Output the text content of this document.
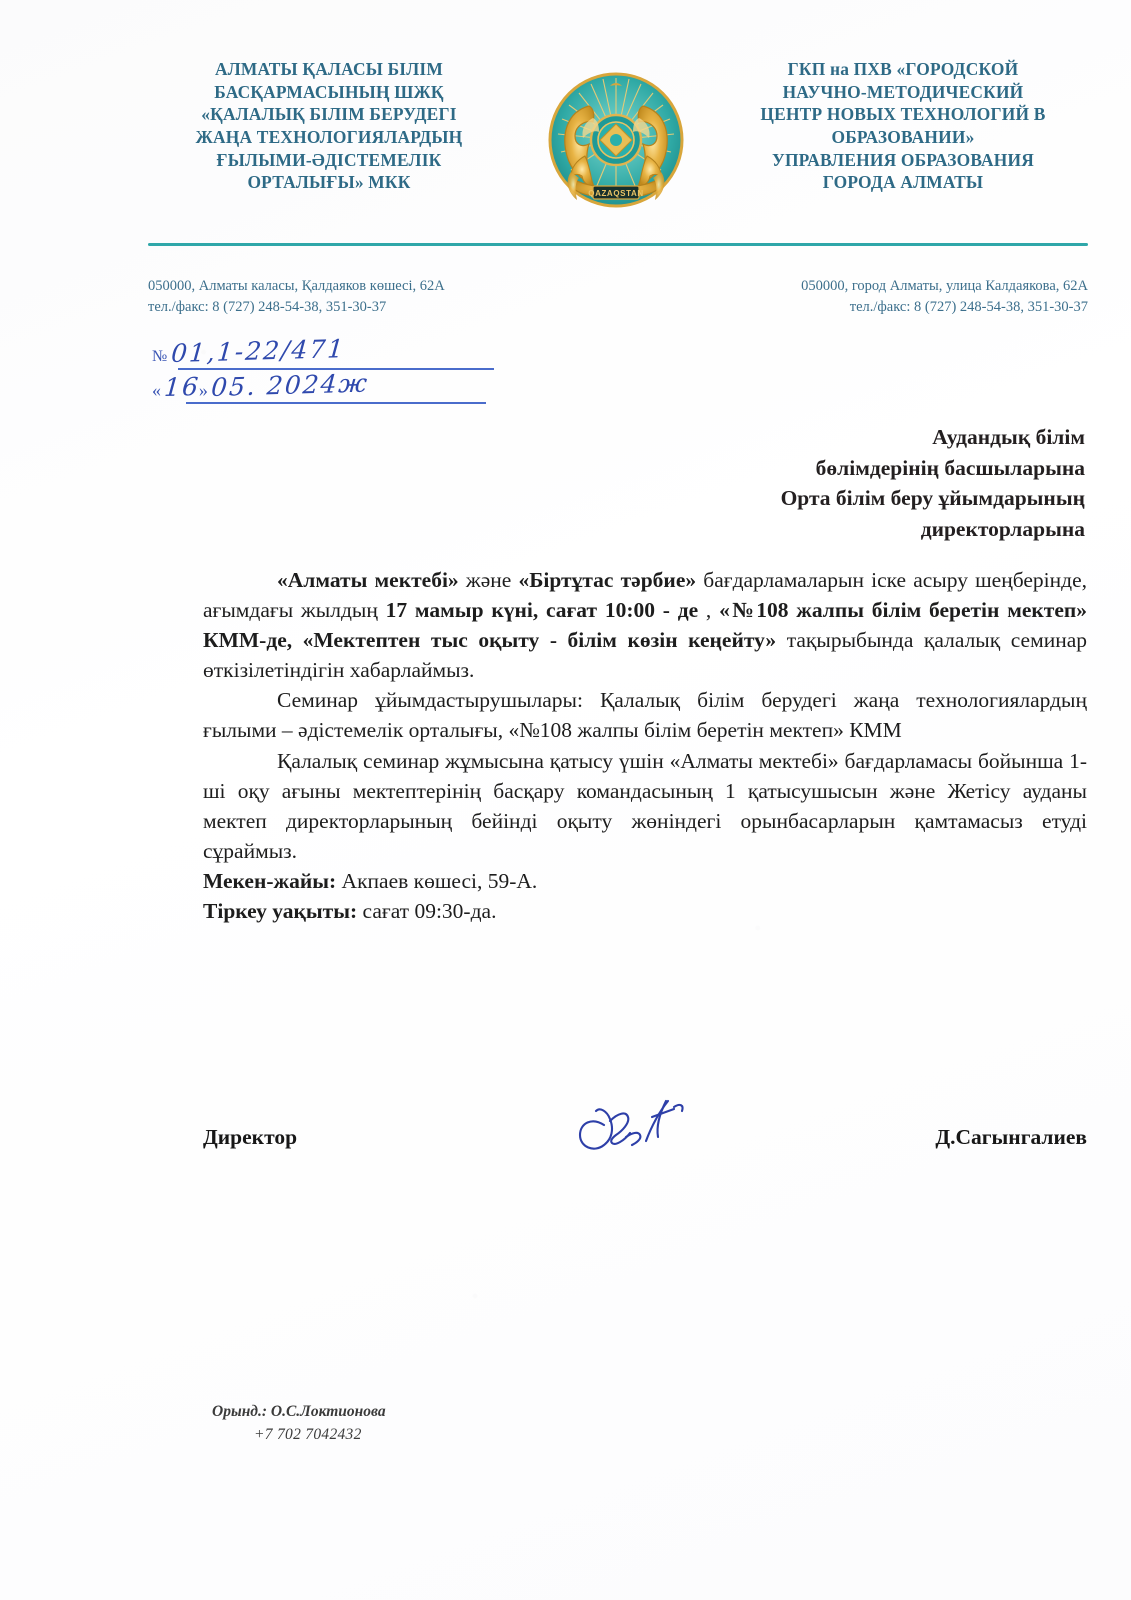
АЛМАТЫ ҚАЛАСЫ БІЛІМ
БАСҚАРМАСЫНЫҢ ШЖҚ
«ҚАЛАЛЫҚ БІЛІМ БЕРУДЕГІ
ЖАҢА ТЕХНОЛОГИЯЛАРДЫҢ
ҒЫЛЫМИ-ӘДІСТЕМЕЛІК
ОРТАЛЫҒЫ» МКК
QAZAQSTAN
ГКП на ПХВ «ГОРОДСКОЙ
НАУЧНО-МЕТОДИЧЕСКИЙ
ЦЕНТР НОВЫХ ТЕХНОЛОГИЙ В
ОБРАЗОВАНИИ»
УПРАВЛЕНИЯ ОБРАЗОВАНИЯ
ГОРОДА АЛМАТЫ
050000, Алматы каласы, Қалдаяков көшесі, 62А
тел./факс: 8 (727) 248-54-38, 351-30-37
050000, город Алматы, улица Калдаякова, 62А
тел./факс: 8 (727) 248-54-38, 351-30-37
№ 01,1-22/471
« 16
» 05. 2024ж
Аудандық білім
бөлімдерінің басшыларына
Орта білім беру ұйымдарының
директорларына

«Алматы мектебі» және «Біртұтас тәрбие» бағдарламаларын іске асыру шеңберінде, ағымдағы жылдың 17 мамыр күні, сағат 10:00 - де , «№108 жалпы білім беретін мектеп» КММ-де, «Мектептен тыс оқыту - білім көзін кеңейту» тақырыбында қалалық семинар өткізілетіндігін хабарлаймыз.

Семинар ұйымдастырушылары: Қалалық білім берудегі жаңа технологиялардың ғылыми – әдістемелік орталығы, «№108 жалпы білім беретін мектеп» КММ

Қалалық семинар жұмысына қатысу үшін «Алматы мектебі» бағдарламасы бойынша 1-ші оқу ағыны мектептерінің басқару командасының 1 қатысушысын және Жетісу ауданы мектеп директорларының бейінді оқыту жөніндегі орынбасарларын қамтамасыз етуді сұраймыз.

Мекен-жайы: Акпаев көшесі, 59-А.

Тіркеу уақыты: сағат 09:30-да.

Директор	Д.Сагынгалиев
Орынд.: О.С.Локтионова
+7 702 7042432
